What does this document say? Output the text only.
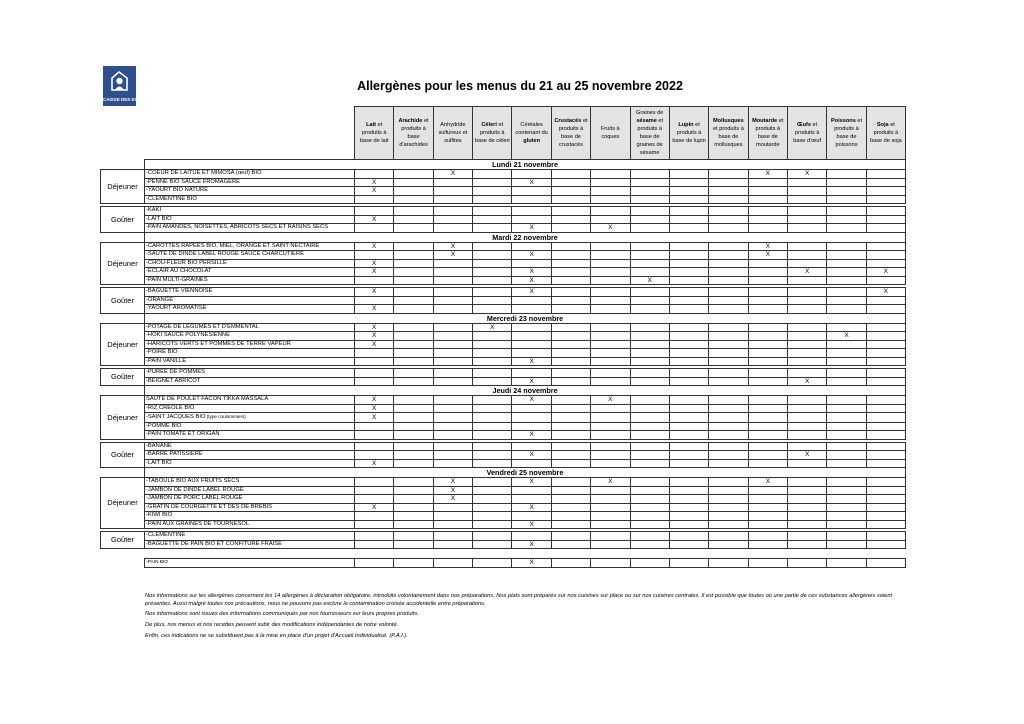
CAISSE DES ECOLES
Allergènes pour les menus du 21 au 25 novembre 2022
		Lait et produits à base de lait	Arachide et produits à base d'arachides	Anhydride sulfureux et sulfites	Céleri et produits à base de céleri	Céréales contenant du gluten	Crustacés et produits à base de crustacés	Fruits à coques	Graines de sésame et produits à base de graines de sésame	Lupin et produits à base de lupin	Mollusques et produits à base de mollusques	Moutarde et produits à base de moutarde	Œufs et produits à base d'œuf	Poissons et produits à base de poissons	Soja et produits à base de soja
	Lundi 21 novembre														
Déjeuner	-COEUR DE LAITUE ET MIMOSA (œuf) BIO			X								X	X		
	-PENNE BIO SAUCE FROMAGERE	X				X									
	-YAOURT BIO NATURE	X													
	-CLEMENTINE BIO														

Goûter	-KAKI														
	-LAIT BIO	X													
	-PAIN AMANDES, NOISETTES, ABRICOTS SECS ET RAISINS SECS					X		X							
	Mardi 22 novembre														
Déjeuner	-CAROTTES RAPEES BIO, MIEL, ORANGE ET SAINT NECTAIRE	X		X								X			
	-SAUTE DE DINDE LABEL ROUGE SAUCE CHARCUTIERE			X		X						X			
	-CHOU-FLEUR BIO PERSILLE	X													
	-ECLAIR AU CHOCOLAT	X				X							X		X
	-PAIN MULTI-GRAINES					X			X						

Goûter	-BAGUETTE VIENNOISE	X				X									X
	-ORANGE														
	-YAOURT AROMATISE	X													
	Mercredi 23 novembre														
Déjeuner	-POTAGE DE LEGUMES ET D'EMMENTAL	X			X										
	-HOKI SAUCE POLYNESIENNE	X												X	
	-HARICOTS VERTS ET POMMES DE TERRE VAPEUR	X													
	-POIRE BIO														
	-PAIN VANILLE					X									

Goûter	-PUREE DE POMMES														
	-BEIGNET ABRICOT					X							X		
	Jeudi 24 novembre														
Déjeuner	SAUTE DE POULET FACON TIKKA MASSALA	X				X		X							
	-RIZ CREOLE BIO	X													
	-SAINT JACQUES BIO (type coulommiers)	X													
	-POMME BIO														
	-PAIN TOMATE ET ORIGAN					X									

Goûter	-BANANE														
	-BARRE PATISSIERE					X							X		
	-LAIT BIO	X													
	Vendredi 25 novembre														
Déjeuner	-TABOULE BIO AUX FRUITS SECS			X		X		X				X			
	-JAMBON DE DINDE LABEL ROUGE			X											
	-JAMBON DE PORC LABEL ROUGE			X											
	-GRATIN DE COURGETTE ET DES DE BREBIS	X				X									
	-KIWI BIO														
	-PAIN AUX GRAINES DE TOURNESOL					X									

Goûter	-CLEMENTINE														
	-BAGUETTE DE PAIN BIO ET CONFITURE FRAISE					X									

	-PAIN BIO					X									

Nos informations sur les allergènes concernent les 14 allergènes à déclaration obligatoire, introduits volontairement dans nos préparations. Nos plats sont préparés sur nos cuisines sur place ou sur nos cuisines centrales. Il est possible que toutes où une partie de ces substances allergènes soient présentes. Aussi malgré toutes nos précautions, nous ne pouvons pas exclure la contamination croisée accidentelle entre préparations.

Nos informations sont issues des informations communiqués par nos fournisseurs sur leurs propres produits.

De plus, nos menus et nos recettes peuvent subir des modifications indépendantes de notre volonté.

Enfin, ces indications ne se substituent pas à la mise en place d'un projet d'Accueil Individualisé. (P.A.I.).
